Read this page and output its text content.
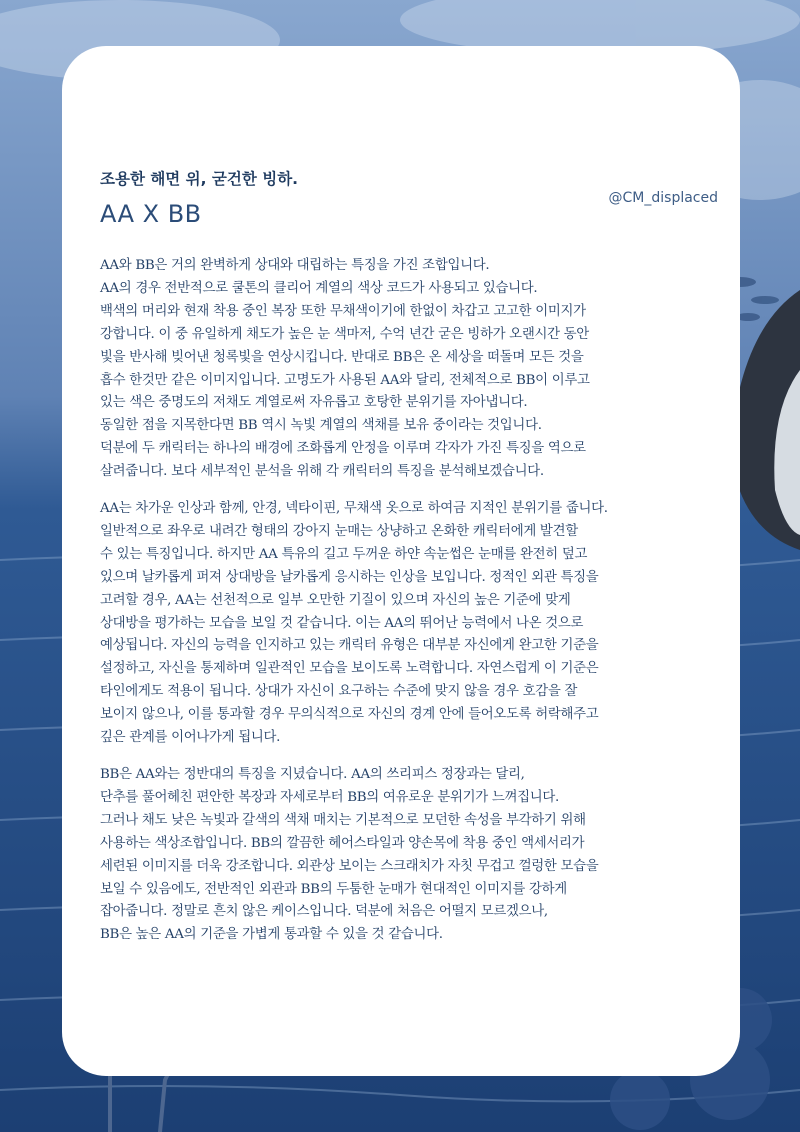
조용한 해면 위, 굳건한 빙하.
AA X BB
@CM_displaced

AA와 BB은 거의 완벽하게 상대와 대립하는 특징을 가진 조합입니다.
AA의 경우 전반적으로 쿨톤의 클리어 계열의 색상 코드가 사용되고 있습니다.
백색의 머리와 현재 착용 중인 복장 또한 무채색이기에 한없이 차갑고 고고한 이미지가
강합니다. 이 중 유일하게 채도가 높은 눈 색마저, 수억 년간 굳은 빙하가 오랜시간 동안
빛을 반사해 빚어낸 청록빛을 연상시킵니다. 반대로 BB은 온 세상을 떠돌며 모든 것을
흡수 한것만 같은 이미지입니다. 고명도가 사용된 AA와 달리, 전체적으로 BB이 이루고
있는 색은 중명도의 저채도 계열로써 자유롭고 호탕한 분위기를 자아냅니다.
동일한 점을 지목한다면 BB 역시 녹빛 계열의 색채를 보유 중이라는 것입니다.
덕분에 두 캐릭터는 하나의 배경에 조화롭게 안정을 이루며 각자가 가진 특징을 역으로
살려줍니다. 보다 세부적인 분석을 위해 각 캐릭터의 특징을 분석해보겠습니다.

AA는 차가운 인상과 함께, 안경, 넥타이핀, 무채색 옷으로 하여금 지적인 분위기를 줍니다.
일반적으로 좌우로 내려간 형태의 강아지 눈매는 상냥하고 온화한 캐릭터에게 발견할
수 있는 특징입니다. 하지만 AA 특유의 길고 두꺼운 하얀 속눈썹은 눈매를 완전히 덮고
있으며 날카롭게 퍼져 상대방을 날카롭게 응시하는 인상을 보입니다. 정적인 외관 특징을
고려할 경우, AA는 선천적으로 일부 오만한 기질이 있으며 자신의 높은 기준에 맞게
상대방을 평가하는 모습을 보일 것 같습니다. 이는 AA의 뛰어난 능력에서 나온 것으로
예상됩니다. 자신의 능력을 인지하고 있는 캐릭터 유형은 대부분 자신에게 완고한 기준을
설정하고, 자신을 통제하며 일관적인 모습을 보이도록 노력합니다. 자연스럽게 이 기준은
타인에게도 적용이 됩니다. 상대가 자신이 요구하는 수준에 맞지 않을 경우 호감을 잘
보이지 않으나, 이를 통과할 경우 무의식적으로 자신의 경계 안에 들어오도록 허락해주고
깊은 관계를 이어나가게 됩니다.

BB은 AA와는 정반대의 특징을 지녔습니다. AA의 쓰리피스 정장과는 달리,
단추를 풀어헤친 편안한 복장과 자세로부터 BB의 여유로운 분위기가 느껴집니다.
그러나 채도 낮은 녹빛과 갈색의 색채 매치는 기본적으로 모던한 속성을 부각하기 위해
사용하는 색상조합입니다. BB의 깔끔한 헤어스타일과 양손목에 착용 중인 액세서리가
세련된 이미지를 더욱 강조합니다. 외관상 보이는 스크래치가 자칫 무겁고 껄렁한 모습을
보일 수 있음에도, 전반적인 외관과 BB의 두툼한 눈매가 현대적인 이미지를 강하게
잡아줍니다. 정말로 흔치 않은 케이스입니다. 덕분에 처음은 어떨지 모르겠으나,
BB은 높은 AA의 기준을 가볍게 통과할 수 있을 것 같습니다.
